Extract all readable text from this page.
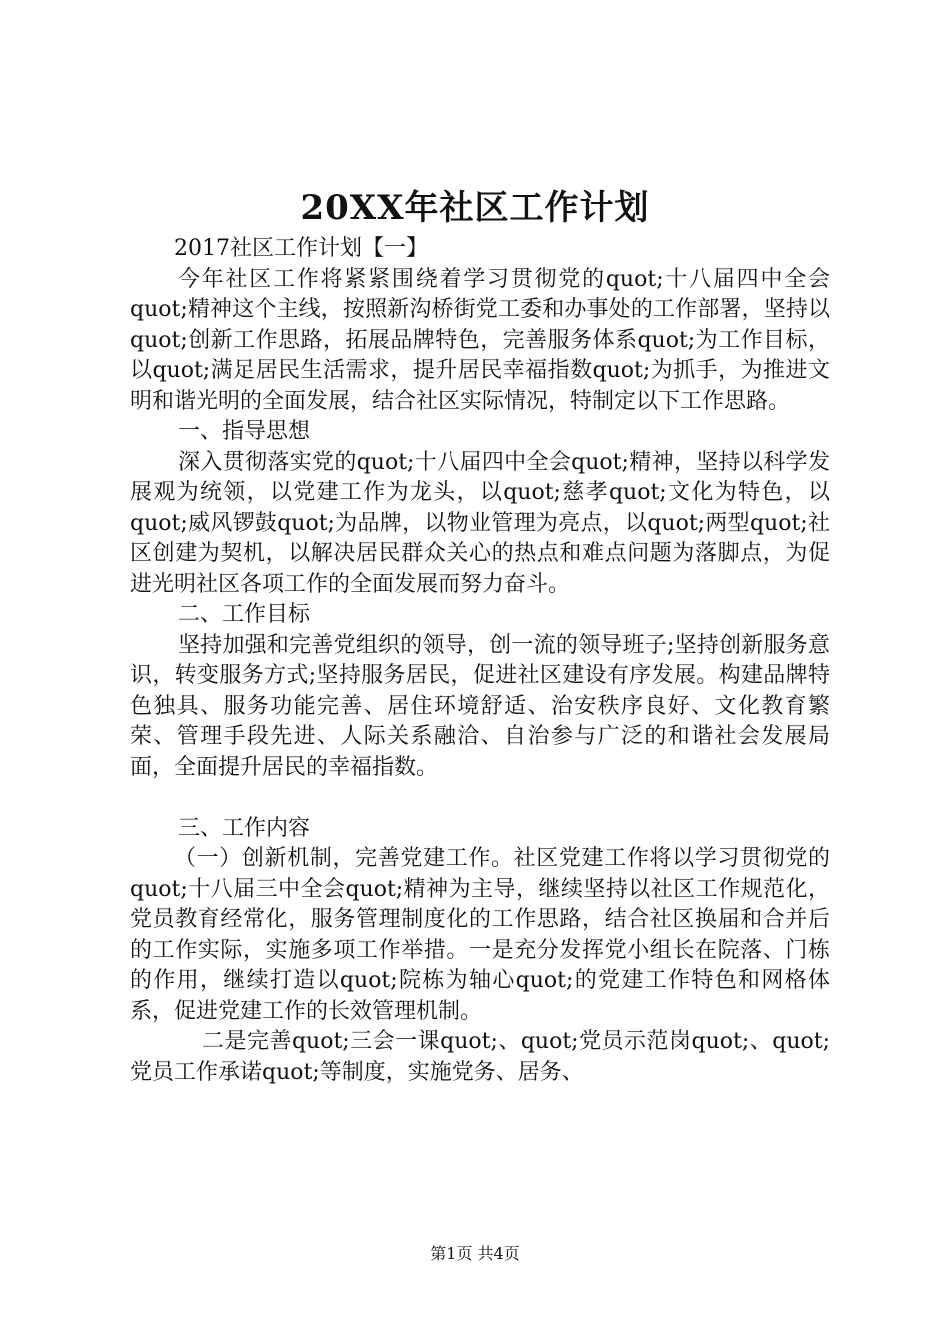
20XX年社区工作计划

2017社区工作计划【一】

今年社区工作将紧紧围绕着学习贯彻党的quot;十八届四中全会quot;精神这个主线，按照新沟桥街党工委和办事处的工作部署，坚持以quot;创新工作思路，拓展品牌特色，完善服务体系quot;为工作目标，以quot;满足居民生活需求，提升居民幸福指数quot;为抓手，为推进文明和谐光明的全面发展，结合社区实际情况，特制定以下工作思路。

一、指导思想

深入贯彻落实党的quot;十八届四中全会quot;精神，坚持以科学发展观为统领，以党建工作为龙头，以quot;慈孝quot;文化为特色，以quot;威风锣鼓quot;为品牌，以物业管理为亮点，以quot;两型quot;社区创建为契机，以解决居民群众关心的热点和难点问题为落脚点，为促进光明社区各项工作的全面发展而努力奋斗。

二、工作目标

坚持加强和完善党组织的领导，创一流的领导班子;坚持创新服务意识，转变服务方式;坚持服务居民，促进社区建设有序发展。构建品牌特色独具、服务功能完善、居住环境舒适、治安秩序良好、文化教育繁荣、管理手段先进、人际关系融洽、自治参与广泛的和谐社会发展局面，全面提升居民的幸福指数。

三、工作内容

（一）创新机制，完善党建工作。社区党建工作将以学习贯彻党的quot;十八届三中全会quot;精神为主导，继续坚持以社区工作规范化，党员教育经常化，服务管理制度化的工作思路，结合社区换届和合并后的工作实际，实施多项工作举措。一是充分发挥党小组长在院落、门栋的作用，继续打造以quot;院栋为轴心quot;的党建工作特色和网格体系，促进党建工作的长效管理机制。

二是完善quot;三会一课quot;、quot;党员示范岗quot;、quot;党员工作承诺quot;等制度，实施党务、居务、

第1页 共4页
